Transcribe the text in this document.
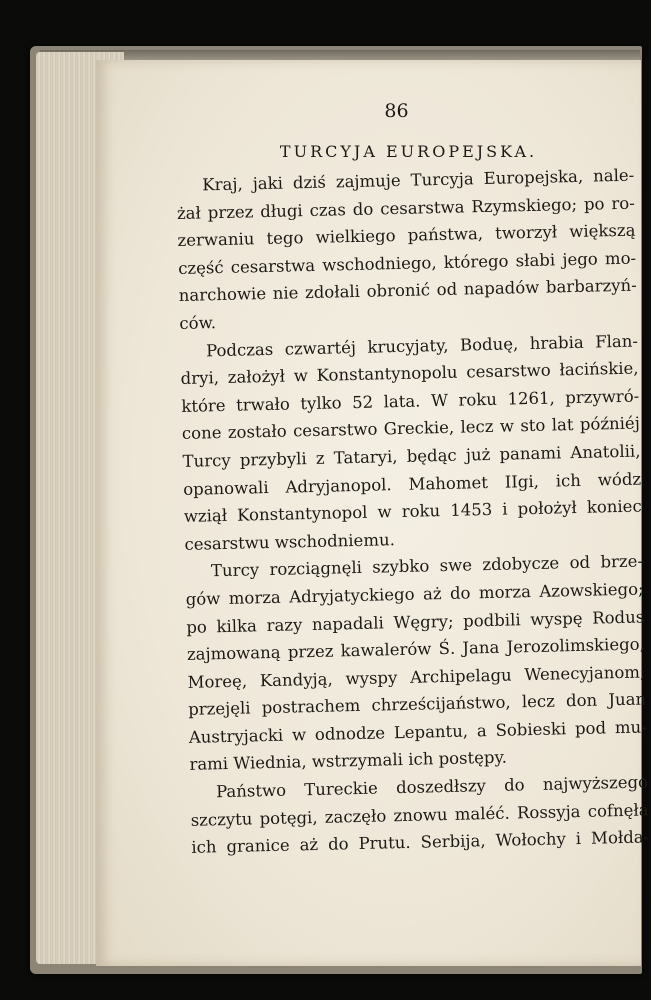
86
TURCYJA EUROPEJSKA.
Kraj, jaki dziś zajmuje Turcyja Europejska, nale-
żał przez długi czas do cesarstwa Rzymskiego; po ro-
zerwaniu tego wielkiego państwa, tworzył większą
część cesarstwa wschodniego, którego słabi jego mo-
narchowie nie zdołali obronić od napadów barbarzyń-
ców.
Podczas czwartéj krucyjaty, Boduę, hrabia Flan-
dryi, założył w Konstantynopolu cesarstwo łacińskie,
które trwało tylko 52 lata. W roku 1261, przywró-
cone zostało cesarstwo Greckie, lecz w sto lat późniéj
Turcy przybyli z Tataryi, będąc już panami Anatolii,
opanowali Adryjanopol. Mahomet IIgi, ich wódz
wziął Konstantynopol w roku 1453 i położył koniec
cesarstwu wschodniemu.
Turcy rozciągnęli szybko swe zdobycze od brze-
gów morza Adryjatyckiego aż do morza Azowskiego;
po kilka razy napadali Węgry; podbili wyspę Rodus
zajmowaną przez kawalerów Ś. Jana Jerozolimskiego,
Moreę, Kandyją, wyspy Archipelagu Wenecyjanom;
przejęli postrachem chrześcijaństwo, lecz don Juan
Austryjacki w odnodze Lepantu, a Sobieski pod mu-
rami Wiednia, wstrzymali ich postępy.
Państwo Tureckie doszedłszy do najwyższego
szczytu potęgi, zaczęło znowu maléć. Rossyja cofnęła
ich granice aż do Prutu. Serbija, Wołochy i Mołda-
